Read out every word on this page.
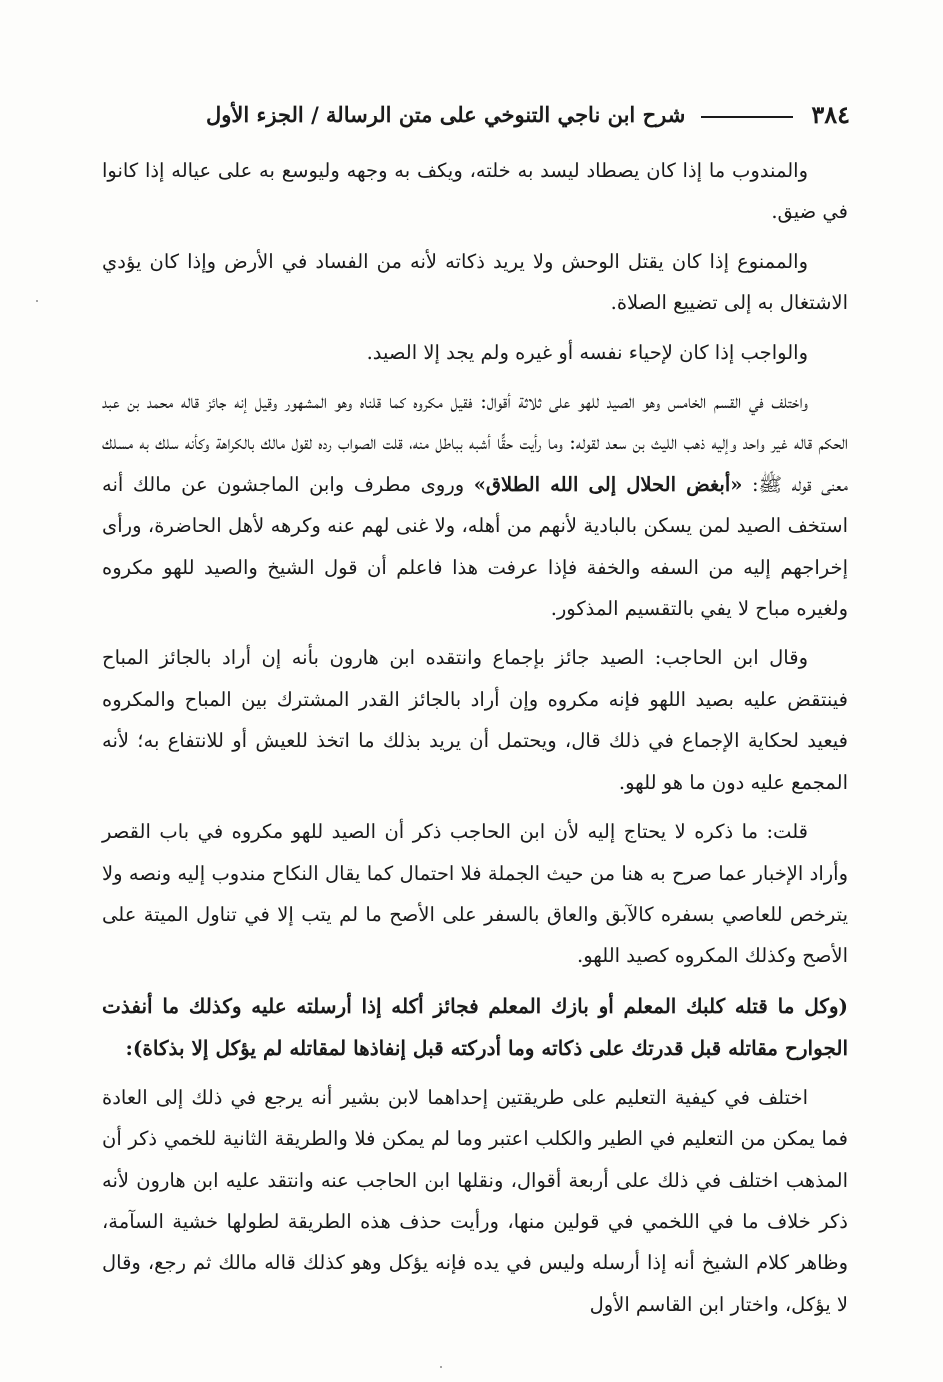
٣٨٤
شرح ابن ناجي التنوخي على متن الرسالة / الجزء الأول

والمندوب ما إذا كان يصطاد ليسد به خلته، ويكف به وجهه وليوسع به على عياله إذا كانوا في ضيق.

والممنوع إذا كان يقتل الوحش ولا يريد ذكاته لأنه من الفساد في الأرض وإذا كان يؤدي الاشتغال به إلى تضييع الصلاة.

والواجب إذا كان لإحياء نفسه أو غيره ولم يجد إلا الصيد.

واختلف في القسم الخامس وهو الصيد للهو على ثلاثة أقوال: فقيل مكروه كما قلناه وهو المشهور وقيل إنه جائز قاله محمد بن عبد الحكم قاله غير واحد وإليه ذهب الليث بن سعد لقوله: وما رأيت حقًّا أشبه بباطل منه، قلت الصواب رده لقول مالك بالكراهة وكأنه سلك به مسلك معنى قوله ﷺ: «أبغض الحلال إلى الله الطلاق» وروى مطرف وابن الماجشون عن مالك أنه استخف الصيد لمن يسكن بالبادية لأنهم من أهله، ولا غنى لهم عنه وكرهه لأهل الحاضرة، ورأى إخراجهم إليه من السفه والخفة فإذا عرفت هذا فاعلم أن قول الشيخ والصيد للهو مكروه ولغيره مباح لا يفي بالتقسيم المذكور.

وقال ابن الحاجب: الصيد جائز بإجماع وانتقده ابن هارون بأنه إن أراد بالجائز المباح فينتقض عليه بصيد اللهو فإنه مكروه وإن أراد بالجائز القدر المشترك بين المباح والمكروه فيعيد لحكاية الإجماع في ذلك قال، ويحتمل أن يريد بذلك ما اتخذ للعيش أو للانتفاع به؛ لأنه المجمع عليه دون ما هو للهو.

قلت: ما ذكره لا يحتاج إليه لأن ابن الحاجب ذكر أن الصيد للهو مكروه في باب القصر وأراد الإخبار عما صرح به هنا من حيث الجملة فلا احتمال كما يقال النكاح مندوب إليه ونصه ولا يترخص للعاصي بسفره كالآبق والعاق بالسفر على الأصح ما لم يتب إلا في تناول الميتة على الأصح وكذلك المكروه كصيد اللهو.

(وكل ما قتله كلبك المعلم أو بازك المعلم فجائز أكله إذا أرسلته عليه وكذلك ما أنفذت الجوارح مقاتله قبل قدرتك على ذكاته وما أدركته قبل إنفاذها لمقاتله لم يؤكل إلا بذكاة):

اختلف في كيفية التعليم على طريقتين إحداهما لابن بشير أنه يرجع في ذلك إلى العادة فما يمكن من التعليم في الطير والكلب اعتبر وما لم يمكن فلا والطريقة الثانية للخمي ذكر أن المذهب اختلف في ذلك على أربعة أقوال، ونقلها ابن الحاجب عنه وانتقد عليه ابن هارون لأنه ذكر خلاف ما في اللخمي في قولين منها، ورأيت حذف هذه الطريقة لطولها خشية السآمة، وظاهر كلام الشيخ أنه إذا أرسله وليس في يده فإنه يؤكل وهو كذلك قاله مالك ثم رجع، وقال لا يؤكل، واختار ابن القاسم الأول
